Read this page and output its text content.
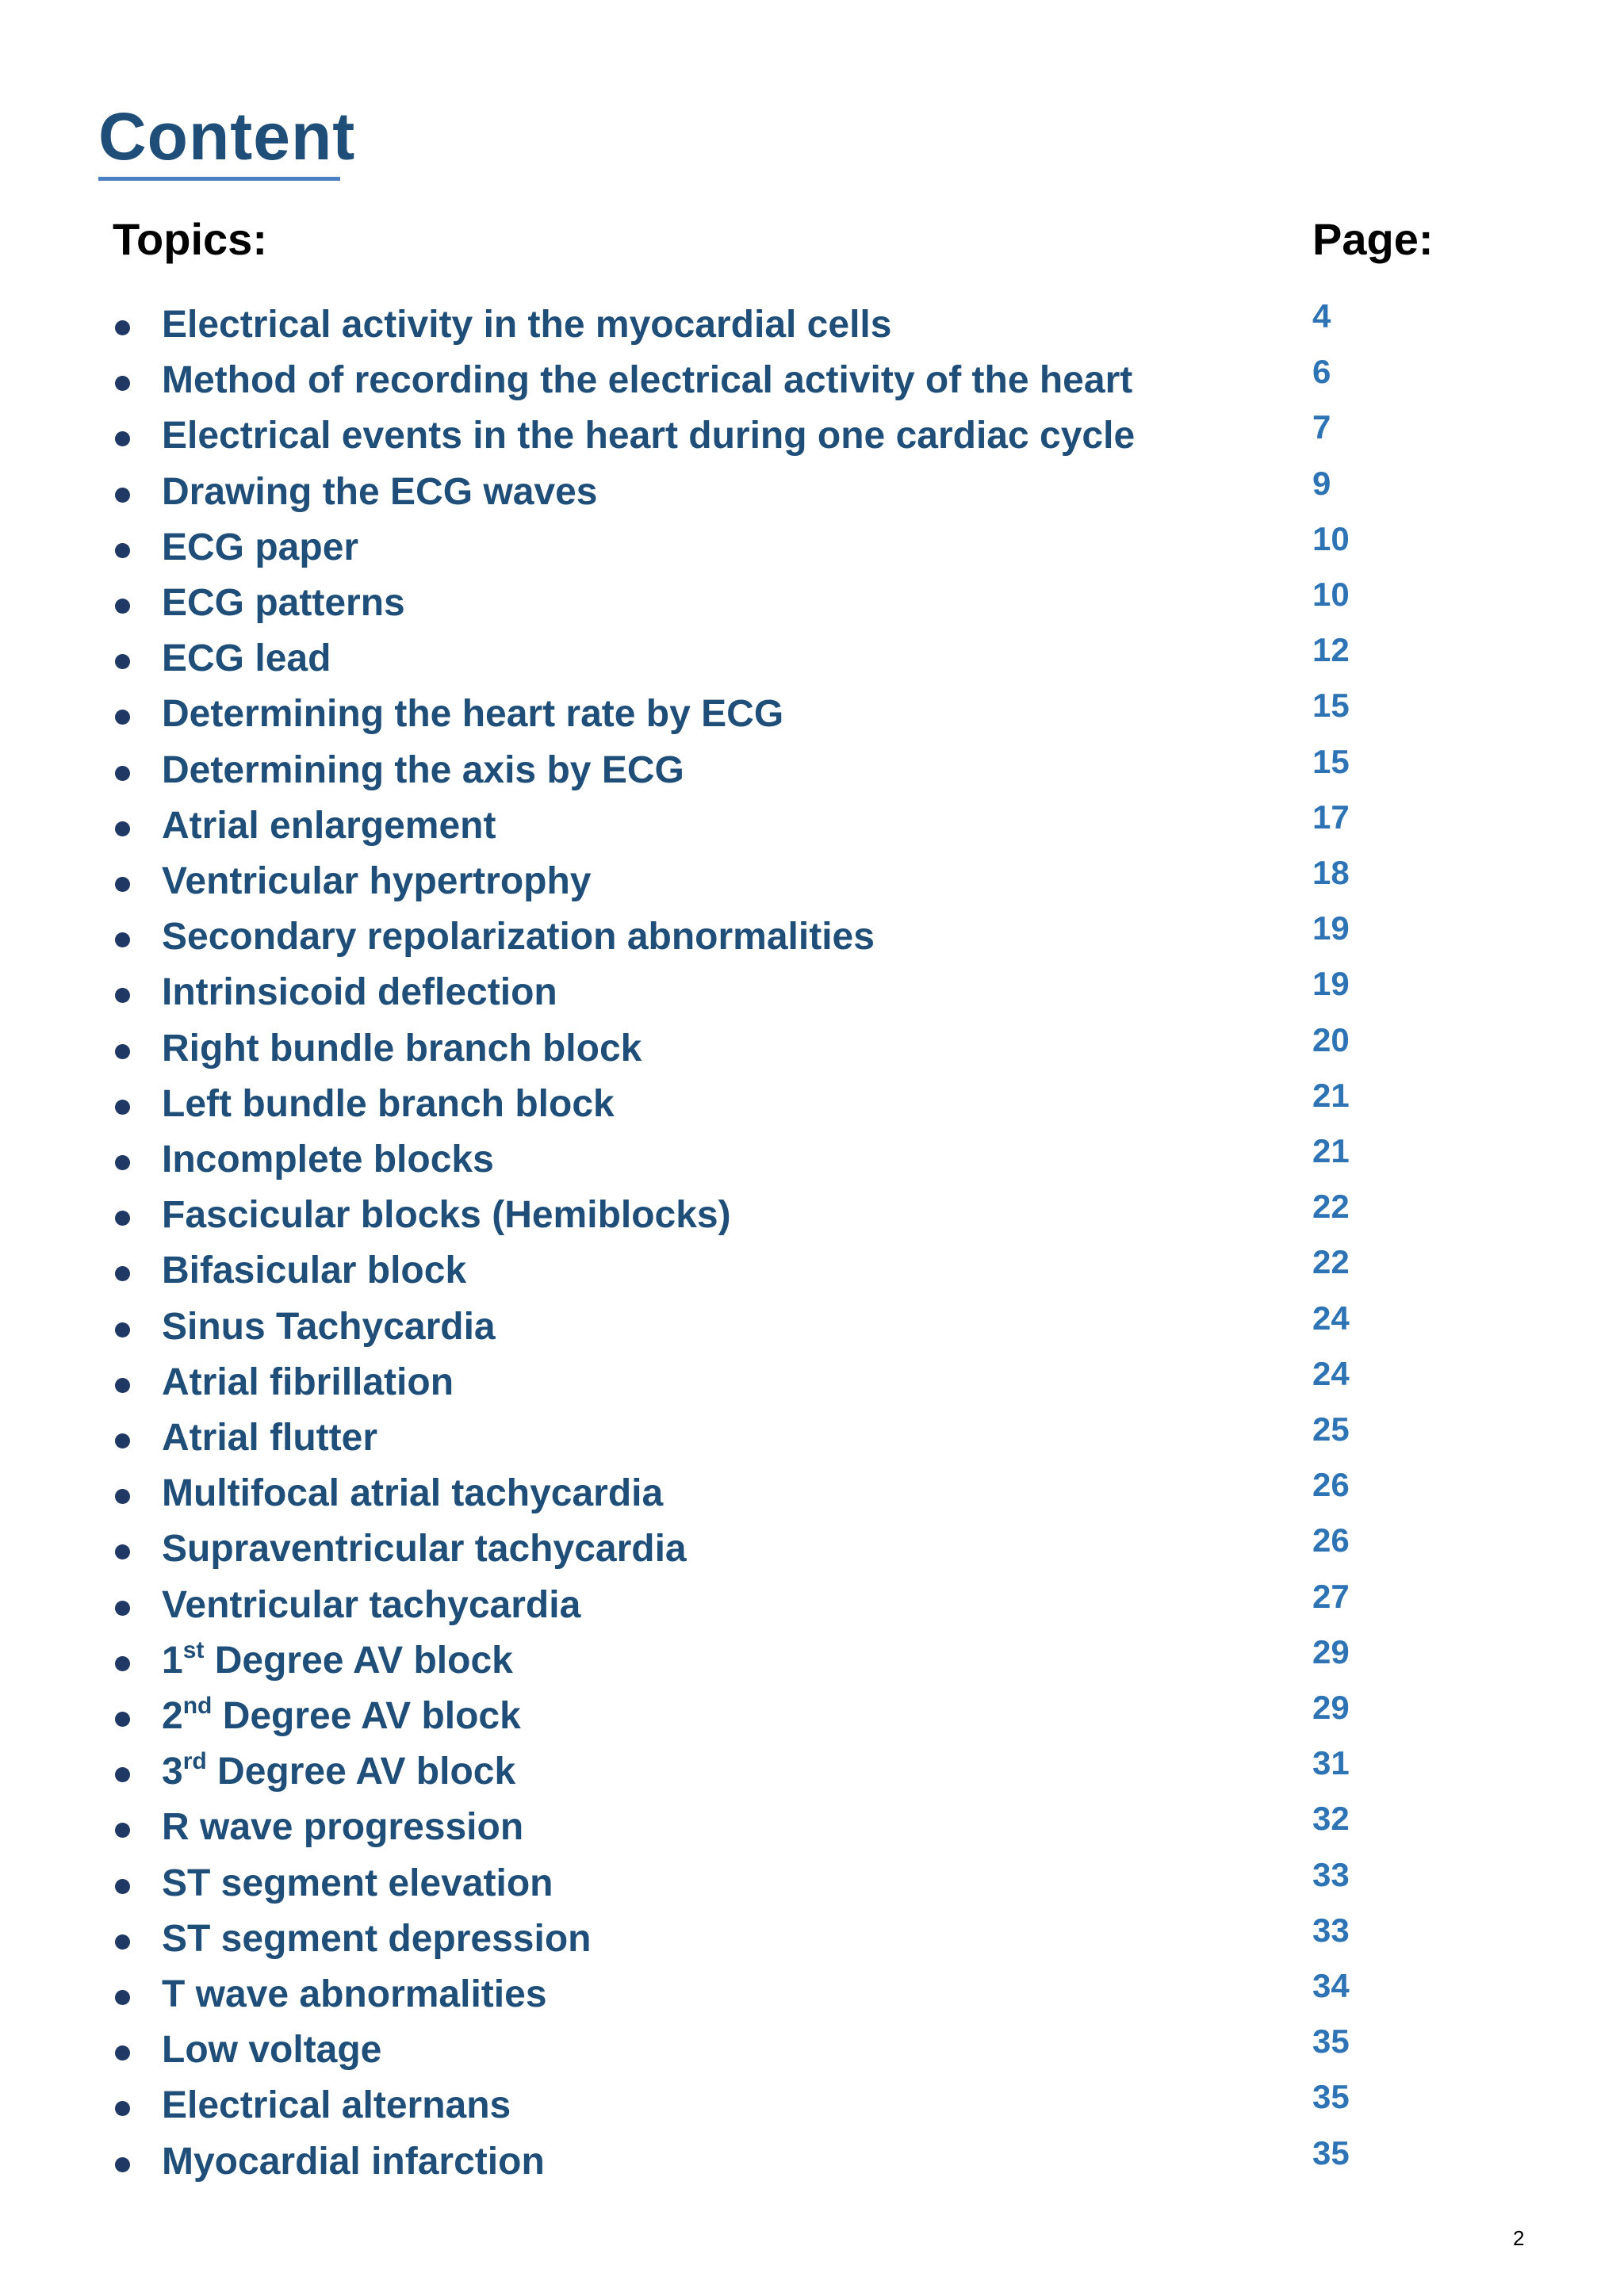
Content
Topics:	Page:
Electrical activity in the myocardial cells	4
Method of recording the electrical activity of the heart	6
Electrical events in the heart during one cardiac cycle	7
Drawing the ECG waves	9
ECG paper	10
ECG patterns	10
ECG lead	12
Determining the heart rate by ECG	15
Determining the axis by ECG	15
Atrial enlargement	17
Ventricular hypertrophy	18
Secondary repolarization abnormalities	19
Intrinsicoid deflection	19
Right bundle branch block	20
Left bundle branch block	21
Incomplete blocks	21
Fascicular blocks (Hemiblocks)	22
Bifasicular block	22
Sinus Tachycardia	24
Atrial fibrillation	24
Atrial flutter	25
Multifocal atrial tachycardia	26
Supraventricular tachycardia	26
Ventricular tachycardia	27
1st Degree AV block	29
2nd Degree AV block	29
3rd Degree AV block	31
R wave progression	32
ST segment elevation	33
ST segment depression	33
T wave abnormalities	34
Low voltage	35
Electrical alternans	35
Myocardial infarction	35
2
